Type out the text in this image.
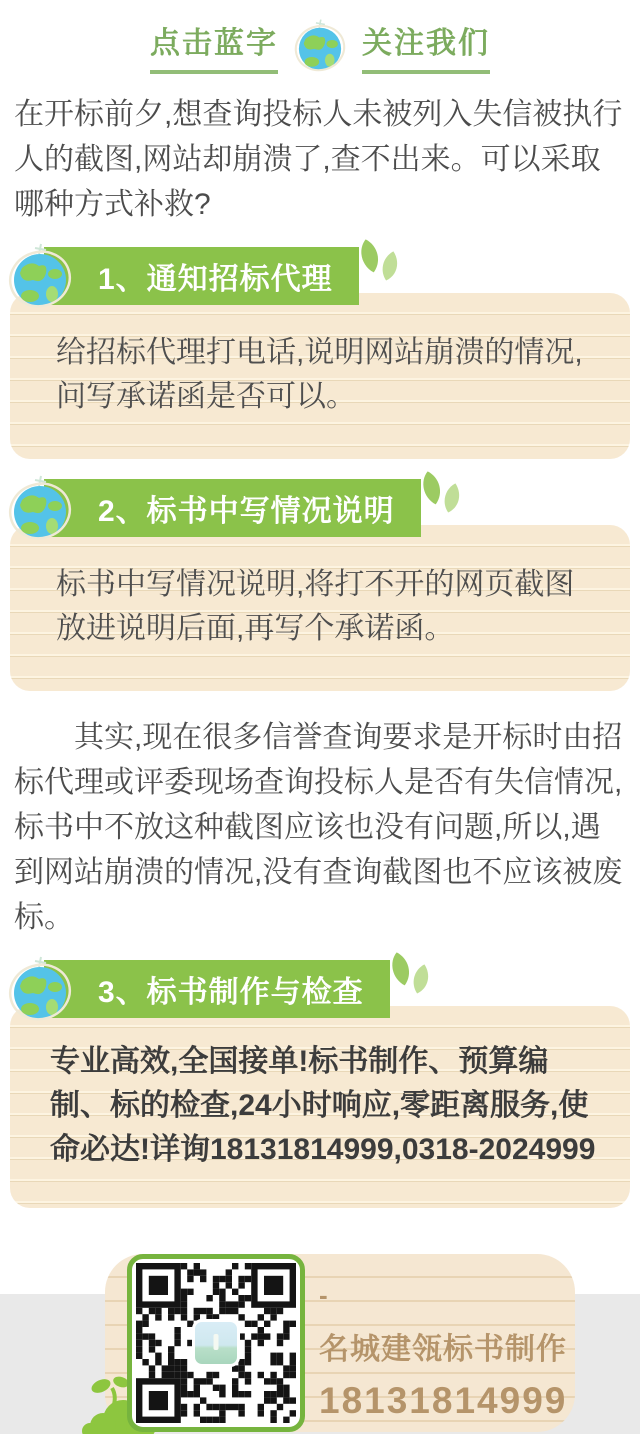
点击蓝字	关注我们

在开标前夕,想查询投标人未被列入失信被执行人的截图,网站却崩溃了,查不出来。可以采取哪种方式补救?

1、通知招标代理
给招标代理打电话,说明网站崩溃的情况,问写承诺函是否可以。
2、标书中写情况说明
标书中写情况说明,将打不开的网页截图放进说明后面,再写个承诺函。

其实,现在很多信誉查询要求是开标时由招标代理或评委现场查询投标人是否有失信情况,标书中不放这种截图应该也没有问题,所以,遇到网站崩溃的情况,没有查询截图也不应该被废标。

3、标书制作与检查
专业高效,全国接单!标书制作、预算编制、标的检查,24小时响应,零距离服务,使命必达!详询18131814999,0318-2024999
-
名城建瓴标书制作
18131814999
